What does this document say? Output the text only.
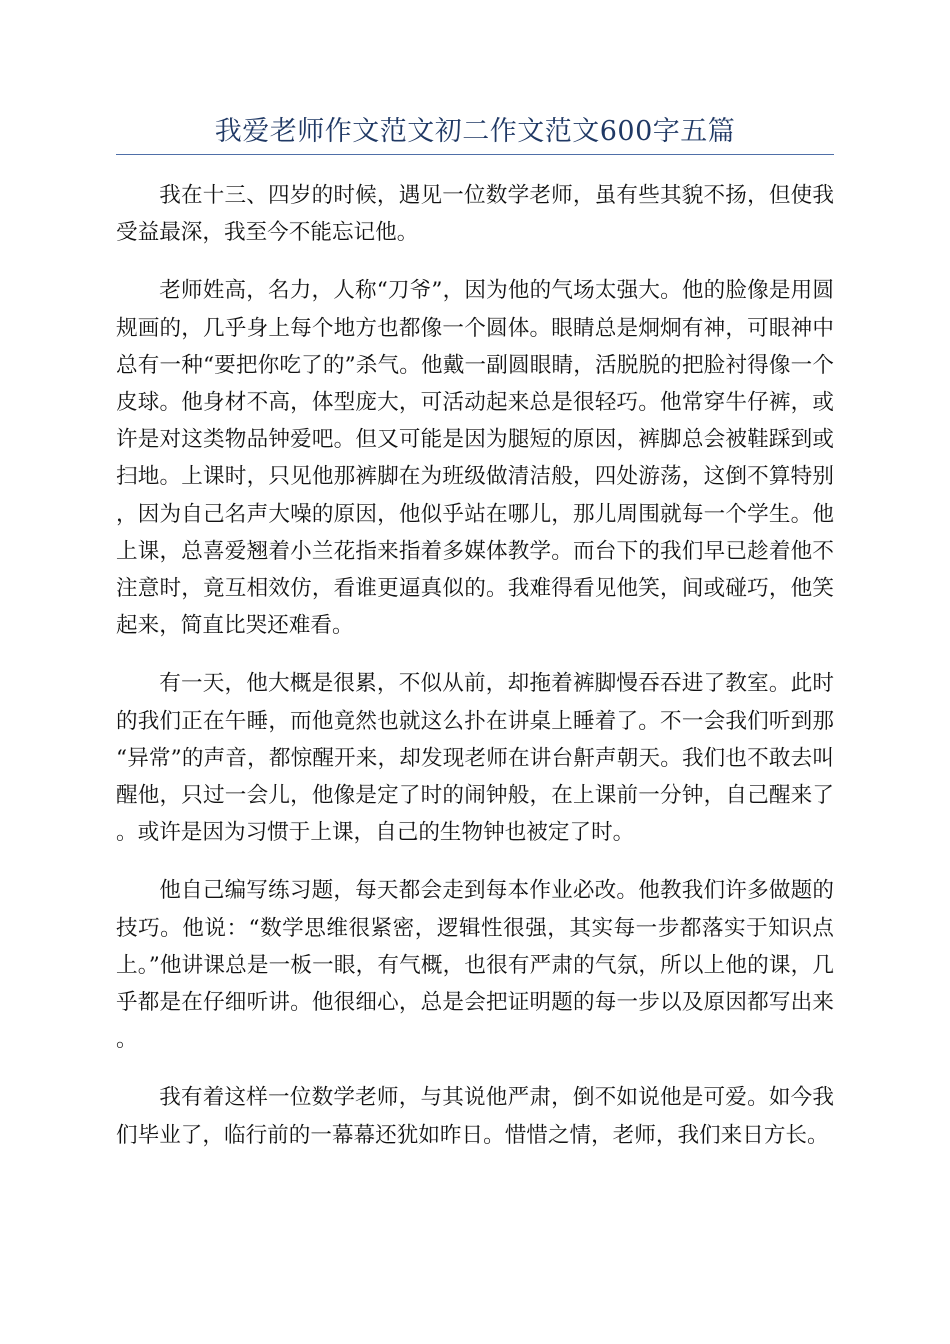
我爱老师作文范文初二作文范文600字五篇

我在十三、四岁的时候，遇见一位数学老师，虽有些其貌不扬，但使我受益最深，我至今不能忘记他。

老师姓高，名力，人称“刀爷”，因为他的气场太强大。他的脸像是用圆规画的，几乎身上每个地方也都像一个圆体。眼睛总是炯炯有神，可眼神中总有一种“要把你吃了的”杀气。他戴一副圆眼睛，活脱脱的把脸衬得像一个皮球。他身材不高，体型庞大，可活动起来总是很轻巧。他常穿牛仔裤，或许是对这类物品钟爱吧。但又可能是因为腿短的原因，裤脚总会被鞋踩到或扫地。上课时，只见他那裤脚在为班级做清洁般，四处游荡，这倒不算特别，因为自己名声大噪的原因，他似乎站在哪儿，那儿周围就每一个学生。他上课，总喜爱翘着小兰花指来指着多媒体教学。而台下的我们早已趁着他不注意时，竟互相效仿，看谁更逼真似的。我难得看见他笑，间或碰巧，他笑起来，简直比哭还难看。

有一天，他大概是很累，不似从前，却拖着裤脚慢吞吞进了教室。此时的我们正在午睡，而他竟然也就这么扑在讲桌上睡着了。不一会我们听到那“异常”的声音，都惊醒开来，却发现老师在讲台鼾声朝天。我们也不敢去叫醒他，只过一会儿，他像是定了时的闹钟般，在上课前一分钟，自己醒来了。或许是因为习惯于上课，自己的生物钟也被定了时。

他自己编写练习题，每天都会走到每本作业必改。他教我们许多做题的技巧。他说：“数学思维很紧密，逻辑性很强，其实每一步都落实于知识点上。”他讲课总是一板一眼，有气概，也很有严肃的气氛，所以上他的课，几乎都是在仔细听讲。他很细心，总是会把证明题的每一步以及原因都写出来。

我有着这样一位数学老师，与其说他严肃，倒不如说他是可爱。如今我们毕业了，临行前的一幕幕还犹如昨日。惜惜之情，老师，我们来日方长。
